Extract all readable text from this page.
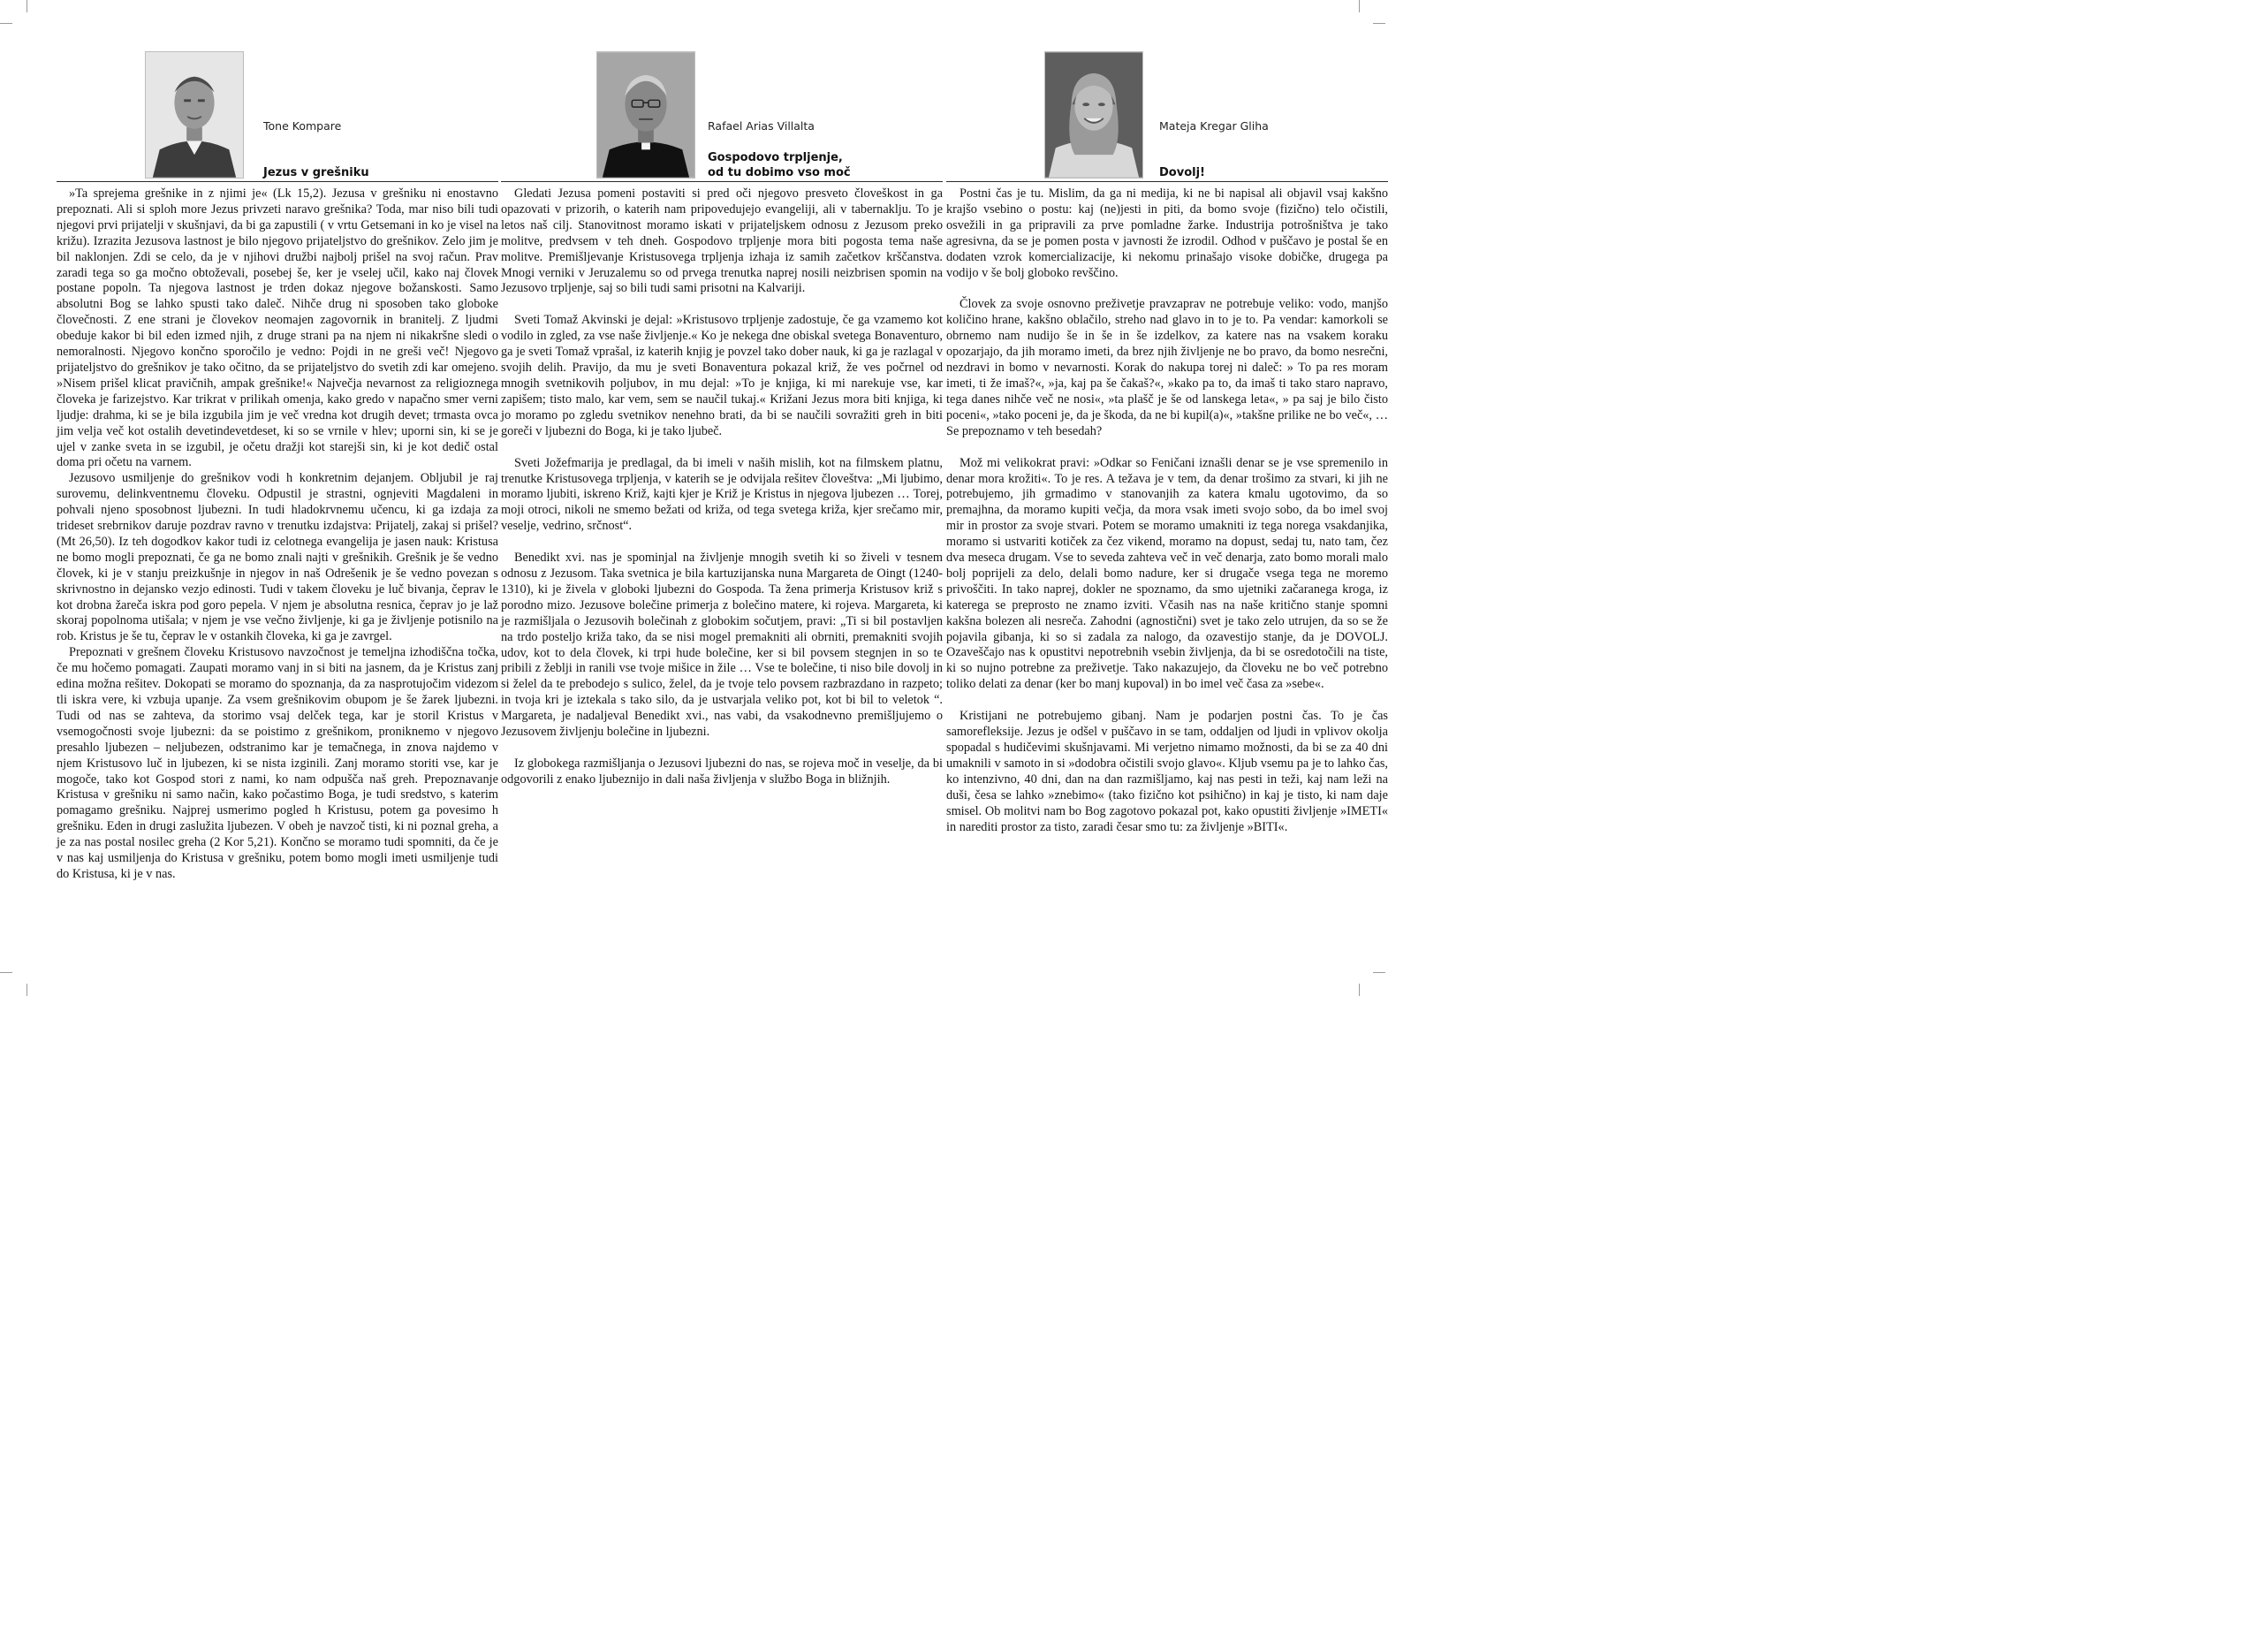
Tone Kompare
Jezus v grešniku

»Ta sprejema grešnike in z njimi je« (Lk 15,2). Jezusa v grešniku ni enostavno prepoznati. Ali si sploh more Jezus privzeti naravo grešnika? Toda, mar niso bili tudi njegovi prvi prijatelji v skušnjavi, da bi ga zapustili ( v vrtu Getsemani in ko je visel na križu). Izrazita Jezusova lastnost je bilo njegovo prijateljstvo do grešnikov. Zelo jim je bil naklonjen. Zdi se celo, da je v njihovi družbi najbolj prišel na svoj račun. Prav zaradi tega so ga močno obtoževali, posebej še, ker je vselej učil, kako naj človek postane popoln. Ta njegova lastnost je trden dokaz njegove božanskosti. Samo absolutni Bog se lahko spusti tako daleč. Nihče drug ni sposoben tako globoke človečnosti. Z ene strani je človekov neomajen zagovornik in branitelj. Z ljudmi obeduje kakor bi bil eden izmed njih, z druge strani pa na njem ni nikakršne sledi o nemoralnosti. Njegovo končno sporočilo je vedno: Pojdi in ne greši več! Njegovo prijateljstvo do grešnikov je tako očitno, da se prijateljstvo do svetih zdi kar omejeno. »Nisem prišel klicat pravičnih, ampak grešnike!« Največja nevarnost za religioznega človeka je farizejstvo. Kar trikrat v prilikah omenja, kako gredo v napačno smer verni ljudje: drahma, ki se je bila izgubila jim je več vredna kot drugih devet; trmasta ovca jim velja več kot ostalih devetindevetdeset, ki so se vrnile v hlev; uporni sin, ki se je ujel v zanke sveta in se izgubil, je očetu dražji kot starejši sin, ki je kot dedič ostal doma pri očetu na varnem.

Jezusovo usmiljenje do grešnikov vodi h konkretnim dejanjem. Obljubil je raj surovemu, delinkventnemu človeku. Odpustil je strastni, ognjeviti Magdaleni in pohvali njeno sposobnost ljubezni. In tudi hladokrvnemu učencu, ki ga izdaja za trideset srebrnikov daruje pozdrav ravno v trenutku izdajstva: Prijatelj, zakaj si prišel? (Mt 26,50). Iz teh dogodkov kakor tudi iz celotnega evangelija je jasen nauk: Kristusa ne bomo mogli prepoznati, če ga ne bomo znali najti v grešnikih. Grešnik je še vedno človek, ki je v stanju preizkušnje in njegov in naš Odrešenik je še vedno povezan s skrivnostno in dejansko vezjo edinosti. Tudi v takem človeku je luč bivanja, čeprav le kot drobna žareča iskra pod goro pepela. V njem je absolutna resnica, čeprav jo je laž skoraj popolnoma utišala; v njem je vse večno življenje, ki ga je življenje potisnilo na rob. Kristus je še tu, čeprav le v ostankih človeka, ki ga je zavrgel.

Prepoznati v grešnem človeku Kristusovo navzočnost je temeljna izhodiščna točka, če mu hočemo pomagati. Zaupati moramo vanj in si biti na jasnem, da je Kristus zanj edina možna rešitev. Dokopati se moramo do spoznanja, da za nasprotujočim videzom tli iskra vere, ki vzbuja upanje. Za vsem grešnikovim obupom je še žarek ljubezni. Tudi od nas se zahteva, da storimo vsaj delček tega, kar je storil Kristus v vsemogočnosti svoje ljubezni: da se poistimo z grešnikom, proniknemo v njegovo presahlo ljubezen – neljubezen, odstranimo kar je temačnega, in znova najdemo v njem Kristusovo luč in ljubezen, ki se nista izginili. Zanj moramo storiti vse, kar je mogoče, tako kot Gospod stori z nami, ko nam odpušča naš greh. Prepoznavanje Kristusa v grešniku ni samo način, kako počastimo Boga, je tudi sredstvo, s katerim pomagamo grešniku. Najprej usmerimo pogled h Kristusu, potem ga povesimo h grešniku. Eden in drugi zaslužita ljubezen. V obeh je navzoč tisti, ki ni poznal greha, a je za nas postal nosilec greha (2 Kor 5,21). Končno se moramo tudi spomniti, da če je v nas kaj usmiljenja do Kristusa v grešniku, potem bomo mogli imeti usmiljenje tudi do Kristusa, ki je v nas.

Rafael Arias Villalta
Gospodovo trpljenje,
od tu dobimo vso moč

Gledati Jezusa pomeni postaviti si pred oči njegovo presveto človeškost in ga opazovati v prizorih, o katerih nam pripovedujejo evangeliji, ali v tabernaklju. To je letos naš cilj. Stanovitnost moramo iskati v prijateljskem odnosu z Jezusom preko molitve, predvsem v teh dneh. Gospodovo trpljenje mora biti pogosta tema naše molitve. Premišljevanje Kristusovega trpljenja izhaja iz samih začetkov krščanstva. Mnogi verniki v Jeruzalemu so od prvega trenutka naprej nosili neizbrisen spomin na Jezusovo trpljenje, saj so bili tudi sami prisotni na Kalvariji.

Sveti Tomaž Akvinski je dejal: »Kristusovo trpljenje zadostuje, če ga vzamemo kot vodilo in zgled, za vse naše življenje.« Ko je nekega dne obiskal svetega Bonaventuro, ga je sveti Tomaž vprašal, iz katerih knjig je povzel tako dober nauk, ki ga je razlagal v svojih delih. Pravijo, da mu je sveti Bonaventura pokazal križ, že ves počrnel od mnogih svetnikovih poljubov, in mu dejal: »To je knjiga, ki mi narekuje vse, kar zapišem; tisto malo, kar vem, sem se naučil tukaj.« Križani Jezus mora biti knjiga, ki jo moramo po zgledu svetnikov nenehno brati, da bi se naučili sovražiti greh in biti goreči v ljubezni do Boga, ki je tako ljubeč.

Sveti Jožefmarija je predlagal, da bi imeli v naših mislih, kot na filmskem platnu, trenutke Kristusovega trpljenja, v katerih se je odvijala rešitev človeštva: „Mi ljubimo, moramo ljubiti, iskreno Križ, kajti kjer je Križ je Kristus in njegova ljubezen … Torej, moji otroci, nikoli ne smemo bežati od križa, od tega svetega križa, kjer srečamo mir, veselje, vedrino, srčnost“.

Benedikt xvi. nas je spominjal na življenje mnogih svetih ki so živeli v tesnem odnosu z Jezusom. Taka svetnica je bila kartuzijanska nuna Margareta de Oingt (1240-1310), ki je živela v globoki ljubezni do Gospoda. Ta žena primerja Kristusov križ s porodno mizo. Jezusove bolečine primerja z bolečino matere, ki rojeva. Margareta, ki je razmišljala o Jezusovih bolečinah z globokim sočutjem, pravi: „Ti si bil postavljen na trdo posteljo križa tako, da se nisi mogel premakniti ali obrniti, premakniti svojih udov, kot to dela človek, ki trpi hude bolečine, ker si bil povsem stegnjen in so te pribili z žeblji in ranili vse tvoje mišice in žile … Vse te bolečine, ti niso bile dovolj in si želel da te prebodejo s sulico, želel, da je tvoje telo povsem razbrazdano in razpeto; in tvoja kri je iztekala s tako silo, da je ustvarjala veliko pot, kot bi bil to veletok “. Margareta, je nadaljeval Benedikt xvi., nas vabi, da vsakodnevno premišljujemo o Jezusovem življenju bolečine in ljubezni.

Iz globokega razmišljanja o Jezusovi ljubezni do nas, se rojeva moč in veselje, da bi odgovorili z enako ljubeznijo in dali naša življenja v službo Boga in bližnjih.

Mateja Kregar Gliha
Dovolj!

Postni čas je tu. Mislim, da ga ni medija, ki ne bi napisal ali objavil vsaj kakšno krajšo vsebino o postu: kaj (ne)jesti in piti, da bomo svoje (fizično) telo očistili, osvežili in ga pripravili za prve pomladne žarke. Industrija potrošništva je tako agresivna, da se je pomen posta v javnosti že izrodil. Odhod v puščavo je postal še en dodaten vzrok komercializacije, ki nekomu prinašajo visoke dobičke, drugega pa vodijo v še bolj globoko revščino.

Človek za svoje osnovno preživetje pravzaprav ne potrebuje veliko: vodo, manjšo količino hrane, kakšno oblačilo, streho nad glavo in to je to. Pa vendar: kamorkoli se obrnemo nam nudijo še in še in še izdelkov, za katere nas na vsakem koraku opozarjajo, da jih moramo imeti, da brez njih življenje ne bo pravo, da bomo nesrečni, nezdravi in bomo v nevarnosti. Korak do nakupa torej ni daleč: » To pa res moram imeti, ti že imaš?«, »ja, kaj pa še čakaš?«, »kako pa to, da imaš ti tako staro napravo, tega danes nihče več ne nosi«, »ta plašč je še od lanskega leta«, » pa saj je bilo čisto poceni«, »tako poceni je, da je škoda, da ne bi kupil(a)«, »takšne prilike ne bo več«, … Se prepoznamo v teh besedah?

Mož mi velikokrat pravi: »Odkar so Feničani iznašli denar se je vse spremenilo in denar mora krožiti«. To je res. A težava je v tem, da denar trošimo za stvari, ki jih ne potrebujemo, jih grmadimo v stanovanjih za katera kmalu ugotovimo, da so premajhna, da moramo kupiti večja, da mora vsak imeti svojo sobo, da bo imel svoj mir in prostor za svoje stvari. Potem se moramo umakniti iz tega norega vsakdanjika, moramo si ustvariti kotiček za čez vikend, moramo na dopust, sedaj tu, nato tam, čez dva meseca drugam. Vse to seveda zahteva več in več denarja, zato bomo morali malo bolj poprijeli za delo, delali bomo nadure, ker si drugače vsega tega ne moremo privoščiti. In tako naprej, dokler ne spoznamo, da smo ujetniki začaranega kroga, iz katerega se preprosto ne znamo izviti. Včasih nas na naše kritično stanje spomni kakšna bolezen ali nesreča. Zahodni (agnostični) svet je tako zelo utrujen, da so se že pojavila gibanja, ki so si zadala za nalogo, da ozavestijo stanje, da je DOVOLJ. Ozaveščajo nas k opustitvi nepotrebnih vsebin življenja, da bi se osredotočili na tiste, ki so nujno potrebne za preživetje. Tako nakazujejo, da človeku ne bo več potrebno toliko delati za denar (ker bo manj kupoval) in bo imel več časa za »sebe«.

Kristijani ne potrebujemo gibanj. Nam je podarjen postni čas. To je čas samorefleksije. Jezus je odšel v puščavo in se tam, oddaljen od ljudi in vplivov okolja spopadal s hudičevimi skušnjavami. Mi verjetno nimamo možnosti, da bi se za 40 dni umaknili v samoto in si »dodobra očistili svojo glavo«. Kljub vsemu pa je to lahko čas, ko intenzivno, 40 dni, dan na dan razmišljamo, kaj nas pesti in teži, kaj nam leži na duši, česa se lahko »znebimo« (tako fizično kot psihično) in kaj je tisto, ki nam daje smisel. Ob molitvi nam bo Bog zagotovo pokazal pot, kako opustiti življenje »IMETI« in narediti prostor za tisto, zaradi česar smo tu: za življenje »BITI«.
